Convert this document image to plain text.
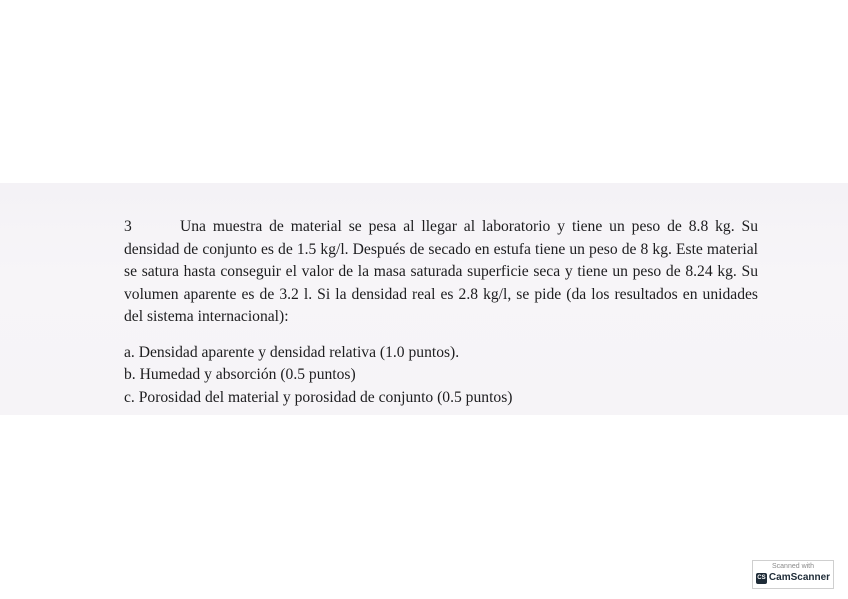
3	Una muestra de material se pesa al llegar al laboratorio y tiene un peso de 8.8 kg. Su densidad de conjunto es de 1.5 kg/l. Después de secado en estufa tiene un peso de 8 kg. Este material se satura hasta conseguir el valor de la masa saturada superficie seca y tiene un peso de 8.24 kg. Su volumen aparente es de 3.2 l. Si la densidad real es 2.8 kg/l, se pide (da los resultados en unidades del sistema internacional):

a. Densidad aparente y densidad relativa (1.0 puntos).
b. Humedad y absorción (0.5 puntos)
c. Porosidad del material y porosidad de conjunto (0.5 puntos)
Scanned with
CS CamScanner
